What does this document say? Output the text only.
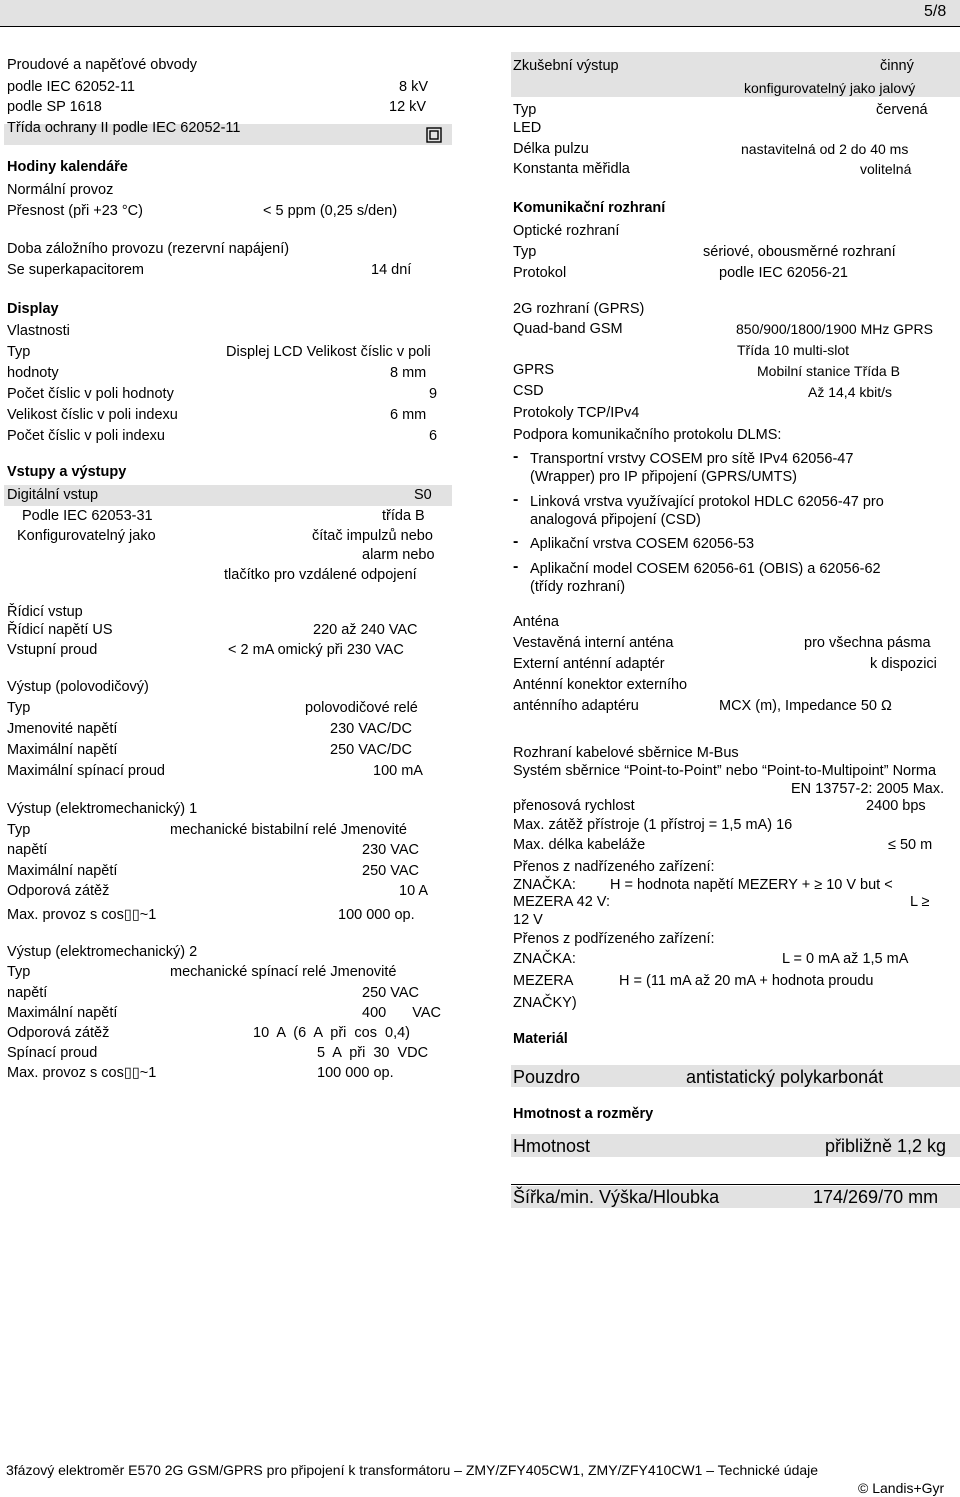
5/8
Proudové a napěťové obvody
podle IEC 62052-11	8 kV
podle SP 1618	12 kV
Třída ochrany II podle IEC 62052-11
Hodiny kalendáře
Normální provoz
Přesnost (při +23 °C)	< 5 ppm (0,25 s/den)
Doba záložního provozu (rezervní napájení)
Se superkapacitorem	14 dní
Display
Vlastnosti
Typ	Displej LCD Velikost číslic v poli
hodnoty	8 mm
Počet číslic v poli hodnoty	9
Velikost číslic v poli indexu	6 mm
Počet číslic v poli indexu	6
Vstupy a výstupy
Digitální vstup	S0
Podle IEC 62053-31	třída B
Konfigurovatelný jako	čítač impulzů nebo
alarm nebo
tlačítko pro vzdálené odpojení
Řídicí vstup
Řídicí napětí US	220 až 240 VAC
Vstupní proud	< 2 mA omický při 230 VAC
Výstup (polovodičový)
Typ	polovodičové relé
Jmenovité napětí	230 VAC/DC
Maximální napětí	250 VAC/DC
Maximální spínací proud	100 mA
Výstup (elektromechanický) 1
Typ	mechanické bistabilní relé Jmenovité
napětí	230 VAC
Maximální napětí	250 VAC
Odporová zátěž	10 A
Max. provoz s cos▯▯~1	100 000 op.
Výstup (elektromechanický) 2
Typ	mechanické spínací relé Jmenovité
napětí	250 VAC
Maximální napětí	400 VAC
Odporová zátěž	10 A (6 A při cos 0,4)
Spínací proud	5 A při 30 VDC
Max. provoz s cos▯▯~1	100 000 op.
Zkušební výstup	činný
konfigurovatelný jako jalový
Typ	červená
LED
Délka pulzu	nastavitelná od 2 do 40 ms
Konstanta měřidla	volitelná
Komunikační rozhraní
Optické rozhraní
Typ	sériové, obousměrné rozhraní
Protokol	podle IEC 62056-21
2G rozhraní (GPRS)
Quad-band GSM	850/900/1800/1900 MHz GPRS
Třída 10 multi-slot
GPRS	Mobilní stanice Třída B
CSD	Až 14,4 kbit/s
Protokoly TCP/IPv4
Podpora komunikačního protokolu DLMS:
- Transportní vrstvy COSEM pro sítě IPv4 62056-47
(Wrapper) pro IP připojení (GPRS/UMTS)
- Linková vrstva využívající protokol HDLC 62056-47 pro
analogová připojení (CSD)
- Aplikační vrstva COSEM 62056-53
- Aplikační model COSEM 62056-61 (OBIS) a 62056-62
(třídy rozhraní)
Anténa
Vestavěná interní anténa	pro všechna pásma
Externí anténní adaptér	k dispozici
Anténní konektor externího
anténního adaptéru	MCX (m), Impedance 50 Ω
Rozhraní kabelové sběrnice M-Bus
Systém sběrnice “Point-to-Point” nebo “Point-to-Multipoint” Norma
EN 13757-2: 2005 Max.
přenosová rychlost	2400 bps
Max. zátěž přístroje (1 přístroj = 1,5 mA) 16
Max. délka kabeláže	≤ 50 m
Přenos z nadřízeného zařízení:
ZNAČKA: H = hodnota napětí MEZERY + ≥ 10 V but <
MEZERA 42 V:	L ≥
12 V
Přenos z podřízeného zařízení:
ZNAČKA:	L = 0 mA až 1,5 mA
MEZERA	H = (11 mA až 20 mA + hodnota proudu
ZNAČKY)
Materiál
Pouzdro	antistatický polykarbonát
Hmotnost a rozměry
Hmotnost	přibližně 1,2 kg
Šířka/min. Výška/Hloubka	174/269/70 mm
3fázový elektroměr E570 2G GSM/GPRS pro připojení k transformátoru – ZMY/ZFY405CW1, ZMY/ZFY410CW1 – Technické údaje
© Landis+Gyr
